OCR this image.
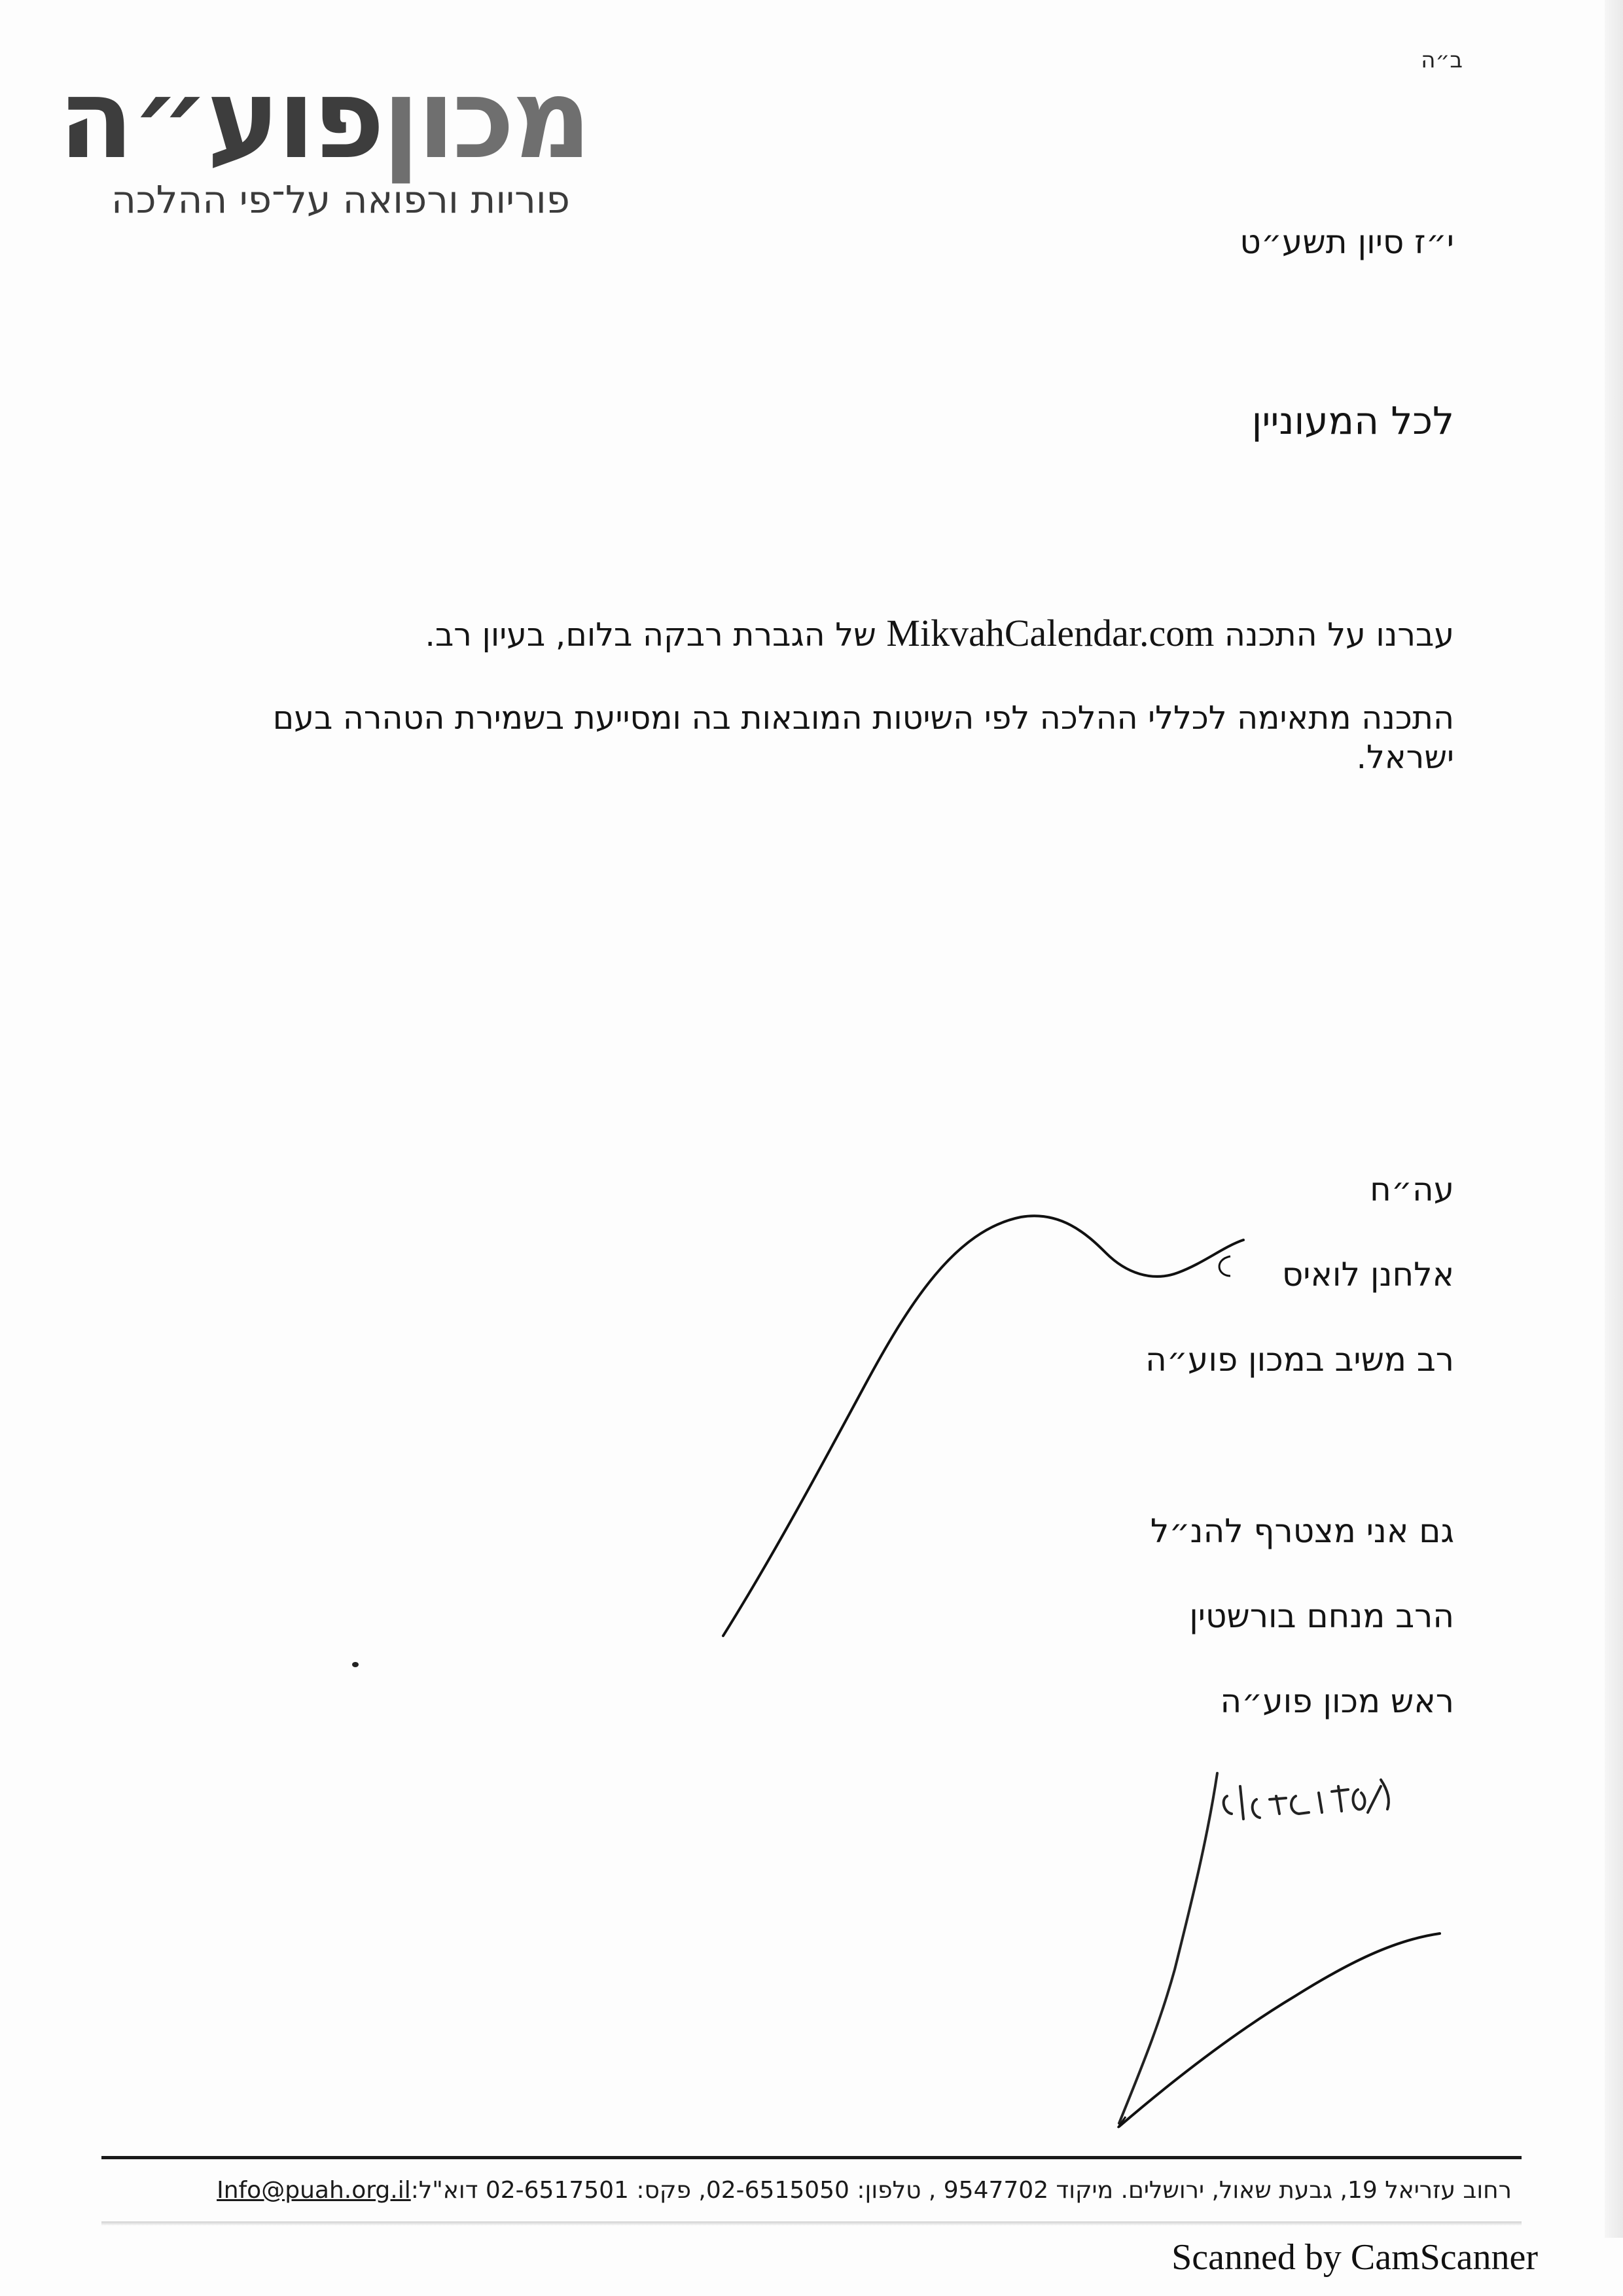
מכוןפוע״ה
פוריות ורפואה על־פי ההלכה
ב״ה
י״ז סיון תשע״ט
לכל המעוניין
עברנו על התכנה MikvahCalendar.com של הגברת רבקה בלום, בעיון רב.
התכנה מתאימה לכללי ההלכה לפי השיטות המובאות בה ומסייעת בשמירת הטהרה בעם ישראל.
עה״ח
אלחנן לואיס
רב משיב במכון פוע״ה
גם אני מצטרף להנ״ל
הרב מנחם בורשטין
ראש מכון פוע״ה
רחוב עזריאל 19, גבעת שאול, ירושלים. מיקוד 9547702 , טלפון: 02-6515050, פקס: 02-6517501 דוא"ל:Info@puah.org.il
Scanned by CamScanner
